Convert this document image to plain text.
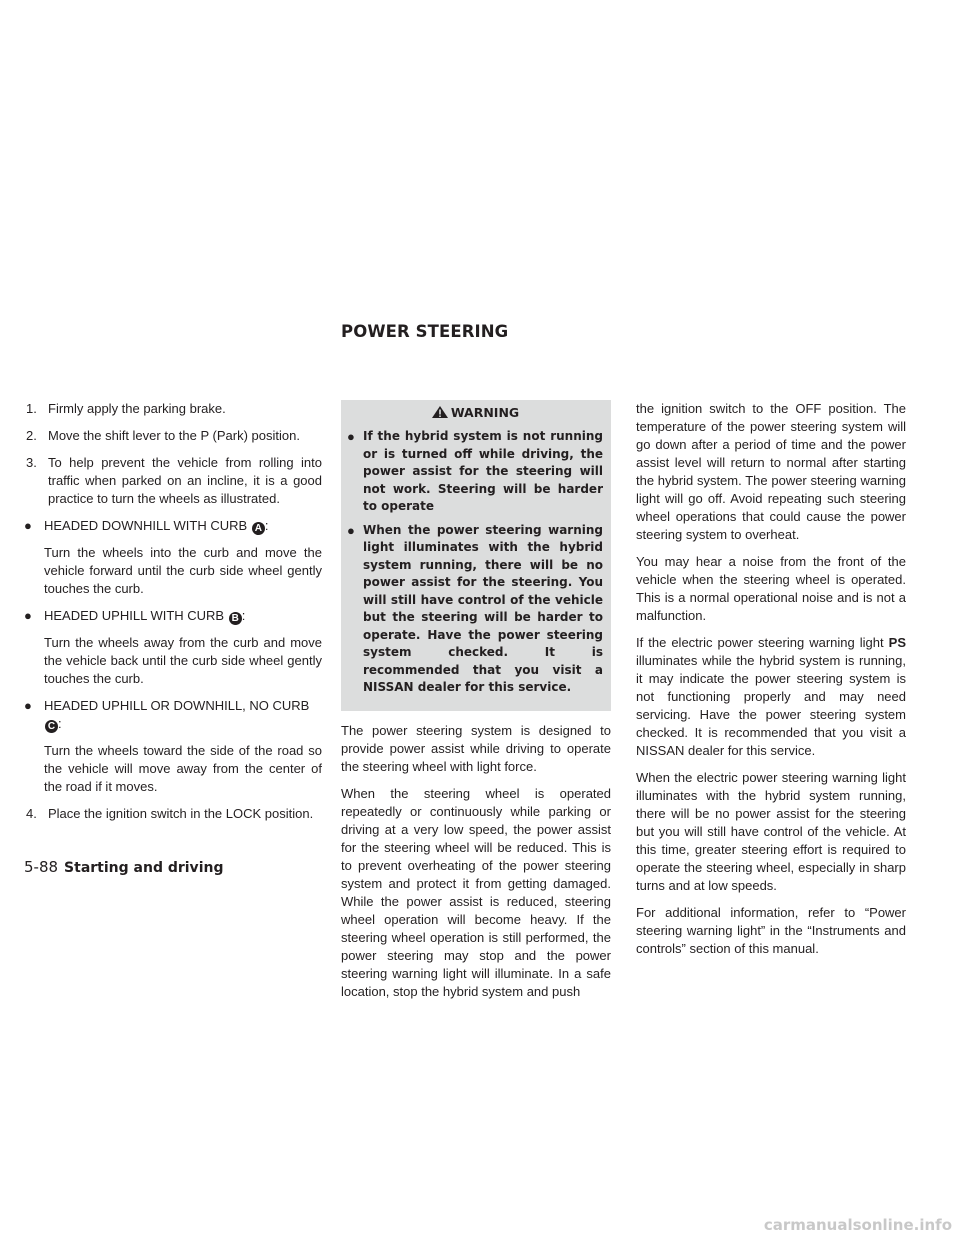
POWER STEERING
1. Firmly apply the parking brake.
2. Move the shift lever to the P (Park) position.
3. To help prevent the vehicle from rolling into traffic when parked on an incline, it is a good practice to turn the wheels as illustrated.
● HEADED DOWNHILL WITH CURB A :

Turn the wheels into the curb and move the vehicle forward until the curb side wheel gently touches the curb.

● HEADED UPHILL WITH CURB B :

Turn the wheels away from the curb and move the vehicle back until the curb side wheel gently touches the curb.

● HEADED UPHILL OR DOWNHILL, NO CURB C :

Turn the wheels toward the side of the road so the vehicle will move away from the center of the road if it moves.

4. Place the ignition switch in the LOCK position.
WARNING
● If the hybrid system is not running or is turned off while driving, the power assist for the steering will not work. Steering will be harder to operate
● When the power steering warning light illuminates with the hybrid system running, there will be no power assist for the steering. You will still have control of the vehicle but the steering will be harder to operate. Have the power steering system checked. It is recommended that you visit a NISSAN dealer for this service.

The power steering system is designed to provide power assist while driving to operate the steering wheel with light force.

When the steering wheel is operated repeatedly or continuously while parking or driving at a very low speed, the power assist for the steering wheel will be reduced. This is to prevent overheating of the power steering system and protect it from getting damaged. While the power assist is reduced, steering wheel operation will become heavy. If the steering wheel operation is still performed, the power steering may stop and the power steering warning light will illuminate. In a safe location, stop the hybrid system and push

the ignition switch to the OFF position. The temperature of the power steering system will go down after a period of time and the power assist level will return to normal after starting the hybrid system. The power steering warning light will go off. Avoid repeating such steering wheel operations that could cause the power steering system to overheat.

You may hear a noise from the front of the vehicle when the steering wheel is operated. This is a normal operational noise and is not a malfunction.

If the electric power steering warning light PS illuminates while the hybrid system is running, it may indicate the power steering system is not functioning properly and may need servicing. Have the power steering system checked. It is recommended that you visit a NISSAN dealer for this service.

When the electric power steering warning light illuminates with the hybrid system running, there will be no power assist for the steering but you will still have control of the vehicle. At this time, greater steering effort is required to operate the steering wheel, especially in sharp turns and at low speeds.

For additional information, refer to “Power steering warning light” in the “Instruments and controls” section of this manual.

5-88 Starting and driving
carmanualsonline.info
